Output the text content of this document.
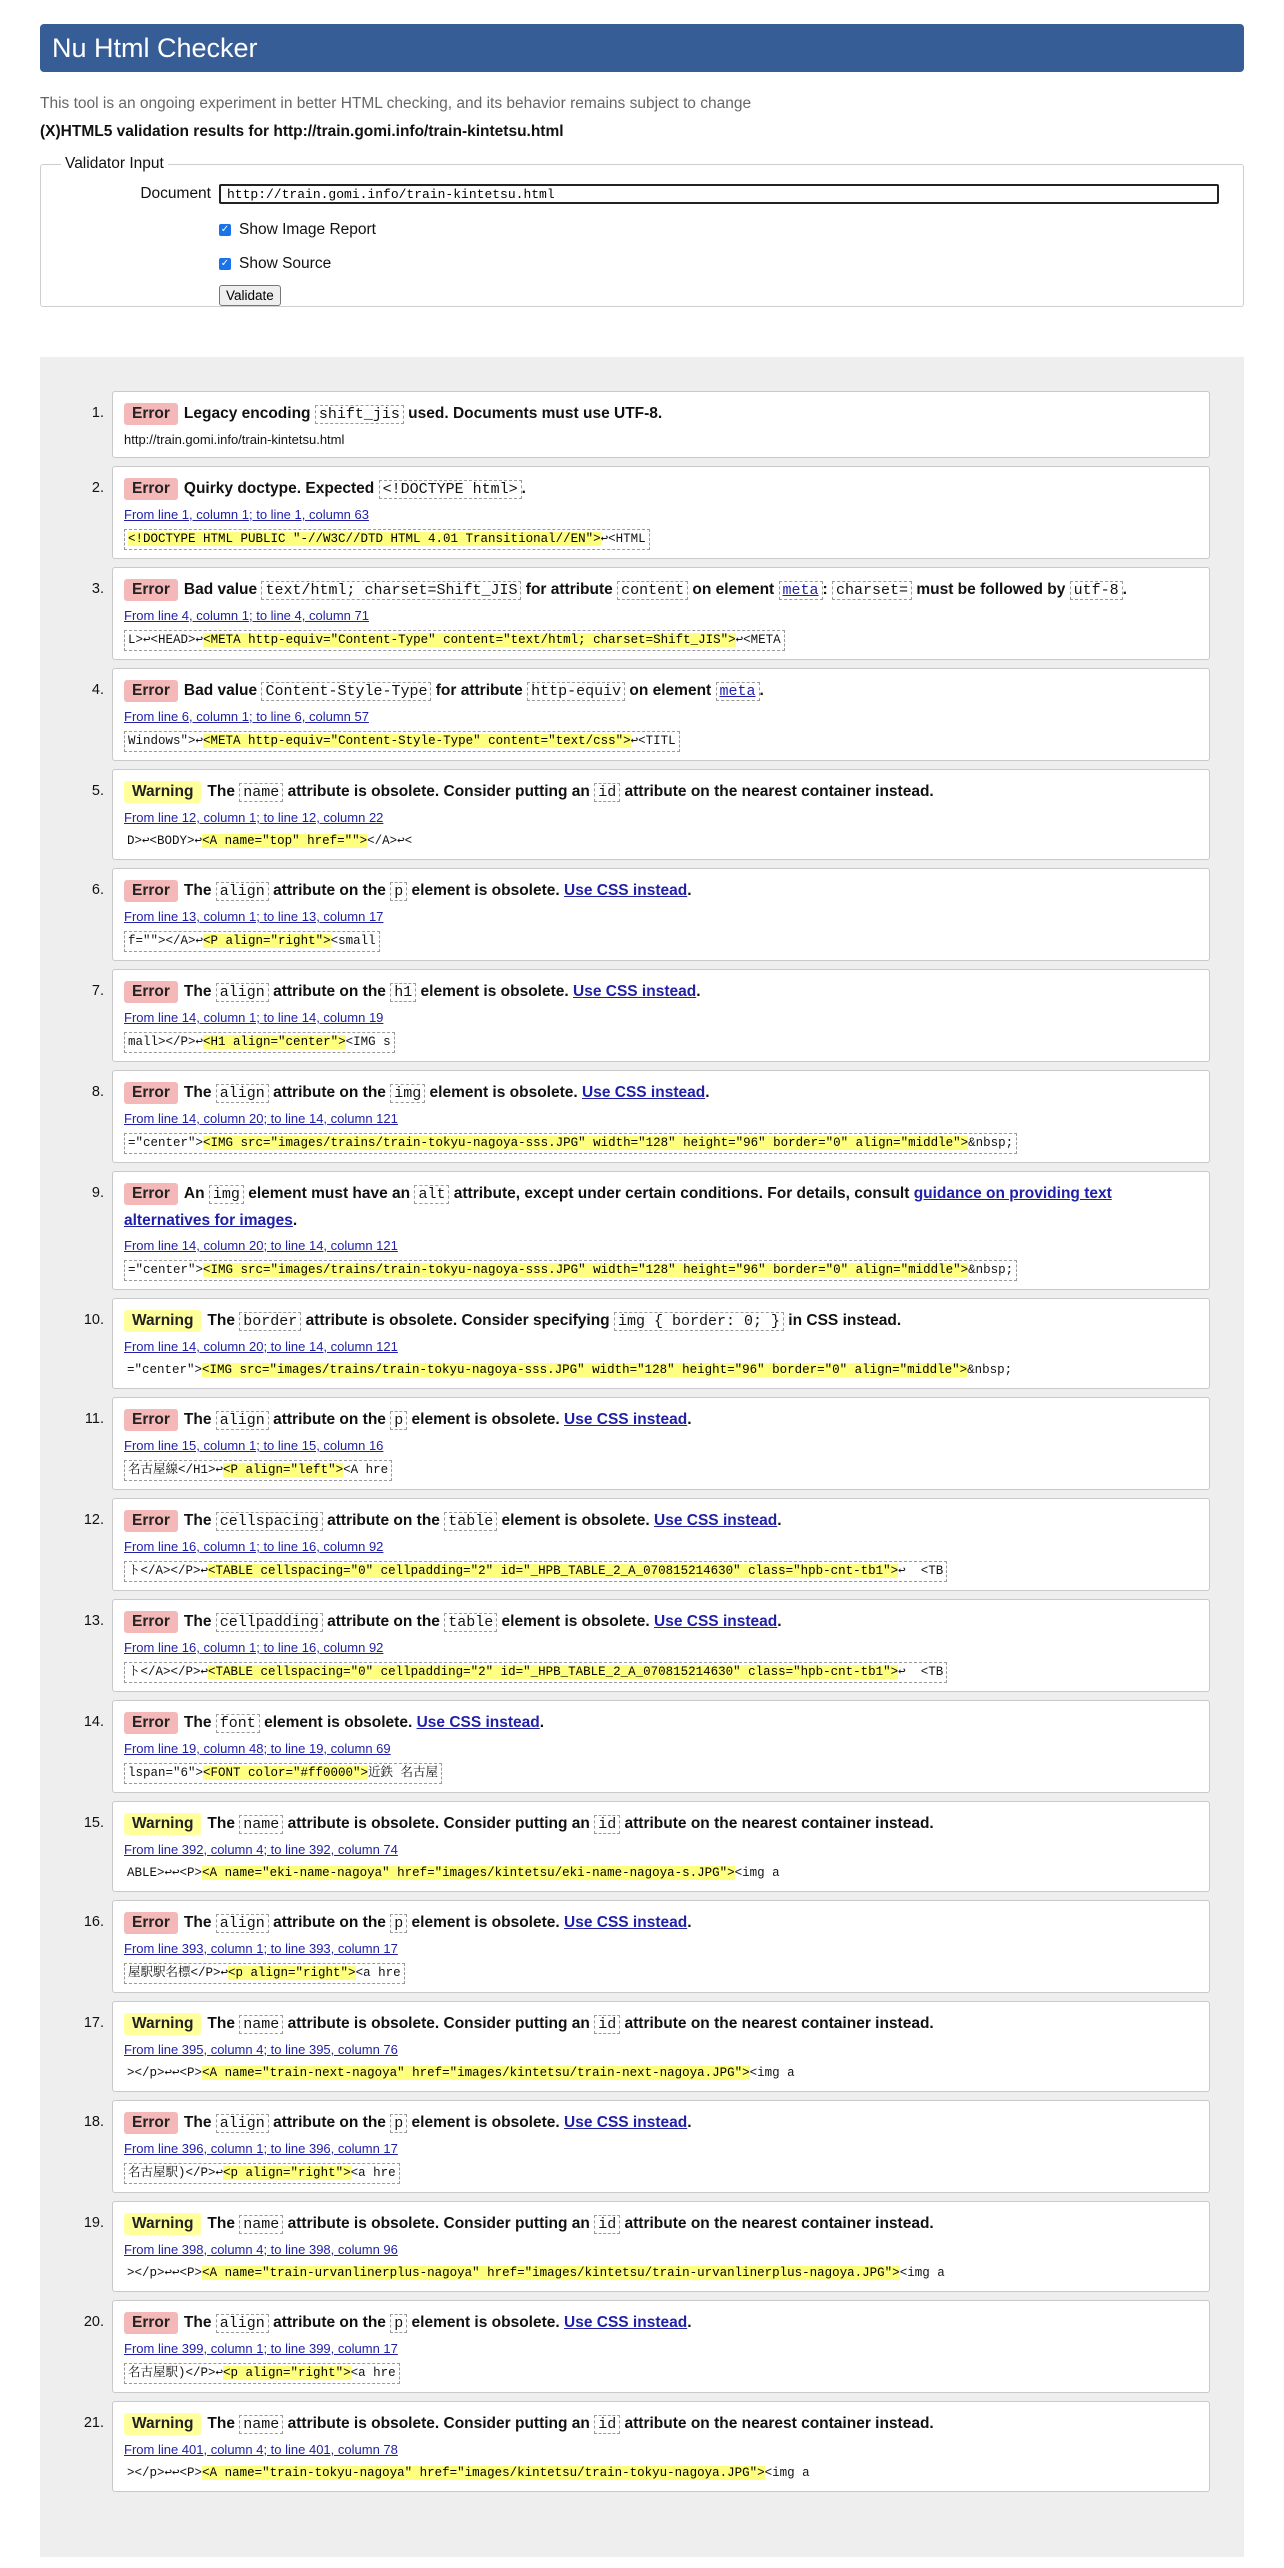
Nu Html Checker
This tool is an ongoing experiment in better HTML checking, and its behavior remains subject to change
(X)HTML5 validation results for http://train.gomi.info/train-kintetsu.html
Validator Input
Document
http://train.gomi.info/train-kintetsu.html
✓ Show Image Report
✓ Show Source
Validate
1.	Error Legacy encoding shift_jis used. Documents must use UTF-8.
http://train.gomi.info/train-kintetsu.html
2.	Error Quirky doctype. Expected <!DOCTYPE html> .
From line 1, column 1; to line 1, column 63
<!DOCTYPE HTML PUBLIC "-//W3C//DTD HTML 4.01 Transitional//EN">↩<HTML
3.	Error Bad value text/html; charset=Shift_JIS for attribute content on element meta : charset= must be followed by utf-8 .
From line 4, column 1; to line 4, column 71
L>↩<HEAD>↩<META http-equiv="Content-Type" content="text/html; charset=Shift_JIS">↩<META
4.	Error Bad value Content-Style-Type for attribute http-equiv on element meta .
From line 6, column 1; to line 6, column 57
Windows">↩<META http-equiv="Content-Style-Type" content="text/css">↩<TITL
5.	Warning The name attribute is obsolete. Consider putting an id attribute on the nearest container instead.
From line 12, column 1; to line 12, column 22
D>↩<BODY>↩<A name="top" href=""></A>↩<
6.	Error The align attribute on the p element is obsolete. Use CSS instead.
From line 13, column 1; to line 13, column 17
f=""></A>↩<P align="right"><small
7.	Error The align attribute on the h1 element is obsolete. Use CSS instead.
From line 14, column 1; to line 14, column 19
mall></P>↩<H1 align="center"><IMG s
8.	Error The align attribute on the img element is obsolete. Use CSS instead.
From line 14, column 20; to line 14, column 121
="center"><IMG src="images/trains/train-tokyu-nagoya-sss.JPG" width="128" height="96" border="0" align="middle">&nbsp;
9.	Error An img element must have an alt attribute, except under certain conditions. For details, consult guidance on providing text alternatives for images.
From line 14, column 20; to line 14, column 121
="center"><IMG src="images/trains/train-tokyu-nagoya-sss.JPG" width="128" height="96" border="0" align="middle">&nbsp;
10.	Warning The border attribute is obsolete. Consider specifying img { border: 0; } in CSS instead.
From line 14, column 20; to line 14, column 121
="center"><IMG src="images/trains/train-tokyu-nagoya-sss.JPG" width="128" height="96" border="0" align="middle">&nbsp;
11.	Error The align attribute on the p element is obsolete. Use CSS instead.
From line 15, column 1; to line 15, column 16
名古屋線</H1>↩<P align="left"><A hre
12.	Error The cellspacing attribute on the table element is obsolete. Use CSS instead.
From line 16, column 1; to line 16, column 92
ト</A></P>↩<TABLE cellspacing="0" cellpadding="2" id="_HPB_TABLE_2_A_070815214630" class="hpb-cnt-tb1">↩  <TB
13.	Error The cellpadding attribute on the table element is obsolete. Use CSS instead.
From line 16, column 1; to line 16, column 92
ト</A></P>↩<TABLE cellspacing="0" cellpadding="2" id="_HPB_TABLE_2_A_070815214630" class="hpb-cnt-tb1">↩  <TB
14.	Error The font element is obsolete. Use CSS instead.
From line 19, column 48; to line 19, column 69
lspan="6"><FONT color="#ff0000">近鉄 名古屋
15.	Warning The name attribute is obsolete. Consider putting an id attribute on the nearest container instead.
From line 392, column 4; to line 392, column 74
ABLE>↩↩<P><A name="eki-name-nagoya" href="images/kintetsu/eki-name-nagoya-s.JPG"><img a
16.	Error The align attribute on the p element is obsolete. Use CSS instead.
From line 393, column 1; to line 393, column 17
屋駅駅名標</P>↩<p align="right"><a hre
17.	Warning The name attribute is obsolete. Consider putting an id attribute on the nearest container instead.
From line 395, column 4; to line 395, column 76
></p>↩↩<P><A name="train-next-nagoya" href="images/kintetsu/train-next-nagoya.JPG"><img a
18.	Error The align attribute on the p element is obsolete. Use CSS instead.
From line 396, column 1; to line 396, column 17
名古屋駅)</P>↩<p align="right"><a hre
19.	Warning The name attribute is obsolete. Consider putting an id attribute on the nearest container instead.
From line 398, column 4; to line 398, column 96
></p>↩↩<P><A name="train-urvanlinerplus-nagoya" href="images/kintetsu/train-urvanlinerplus-nagoya.JPG"><img a
20.	Error The align attribute on the p element is obsolete. Use CSS instead.
From line 399, column 1; to line 399, column 17
名古屋駅)</P>↩<p align="right"><a hre
21.	Warning The name attribute is obsolete. Consider putting an id attribute on the nearest container instead.
From line 401, column 4; to line 401, column 78
></p>↩↩<P><A name="train-tokyu-nagoya" href="images/kintetsu/train-tokyu-nagoya.JPG"><img a
